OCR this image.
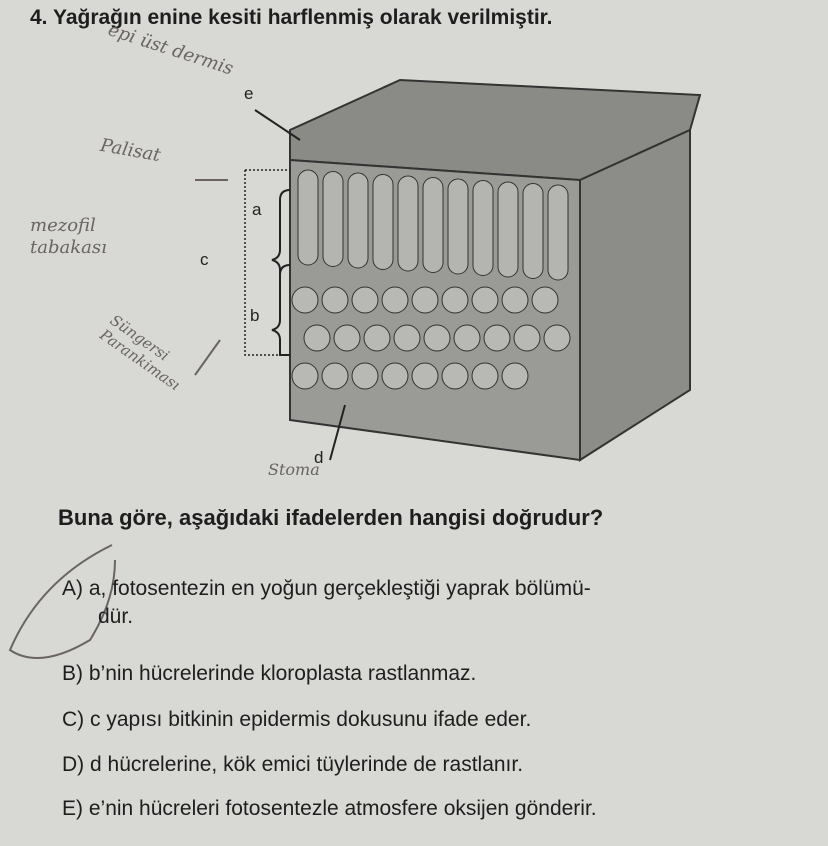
4. Yağrağın enine kesiti harflenmiş olarak verilmiştir.
a
b
c
d
e
epi üst dermis
Palisat
mezofil tabakası
Süngersi Parankiması
Stoma
Buna göre, aşağıdaki ifadelerden hangisi doğrudur?
A) a, fotosentezin en yoğun gerçekleştiği yaprak bölümü-
dür.
B) b’nin hücrelerinde kloroplasta rastlanmaz.
C) c yapısı bitkinin epidermis dokusunu ifade eder.
D) d hücrelerine, kök emici tüylerinde de rastlanır.
E) e’nin hücreleri fotosentezle atmosfere oksijen gönderir.
